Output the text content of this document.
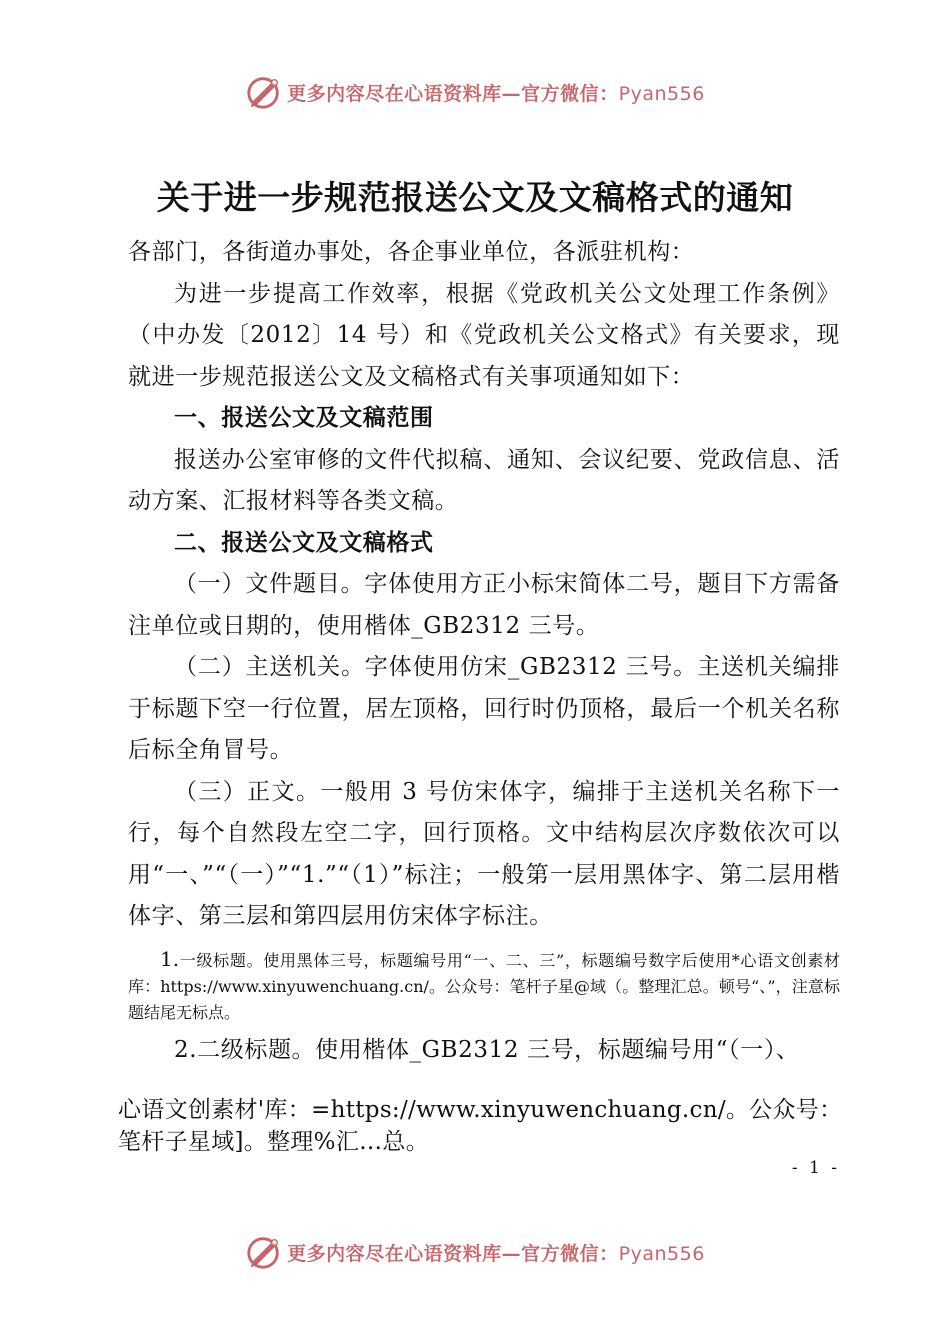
更多内容尽在心语资料库—官方微信：Pyan556
关于进一步规范报送公文及文稿格式的通知

各部门，各街道办事处，各企事业单位，各派驻机构：

为进一步提高工作效率，根据《党政机关公文处理工作条例》（中办发〔2012〕14 号）和《党政机关公文格式》有关要求，现就进一步规范报送公文及文稿格式有关事项通知如下：

一、报送公文及文稿范围

报送办公室审修的文件代拟稿、通知、会议纪要、党政信息、活动方案、汇报材料等各类文稿。

二、报送公文及文稿格式

（一）文件题目。字体使用方正小标宋简体二号，题目下方需备注单位或日期的，使用楷体_GB2312 三号。

（二）主送机关。字体使用仿宋_GB2312 三号。主送机关编排于标题下空一行位置，居左顶格，回行时仍顶格，最后一个机关名称后标全角冒号。

（三）正文。一般用 3 号仿宋体字，编排于主送机关名称下一行，每个自然段左空二字，回行顶格。文中结构层次序数依次可以用“一、”“（一）”“1.”“（1）”标注；一般第一层用黑体字、第二层用楷体字、第三层和第四层用仿宋体字标注。

1.一级标题。使用黑体三号，标题编号用“一、二、三”，标题编号数字后使用*心语文创素材库：https://www.xinyuwenchuang.cn/。公众号：笔杆子星@域（。整理汇总。顿号“、”，注意标题结尾无标点。

2.二级标题。使用楷体_GB2312 三号，标题编号用“（一）、

心语文创素材'库：=https://www.xinyuwenchuang.cn/。公众号：笔杆子星域]。整理%汇…总。

- 1 -
更多内容尽在心语资料库—官方微信：Pyan556
